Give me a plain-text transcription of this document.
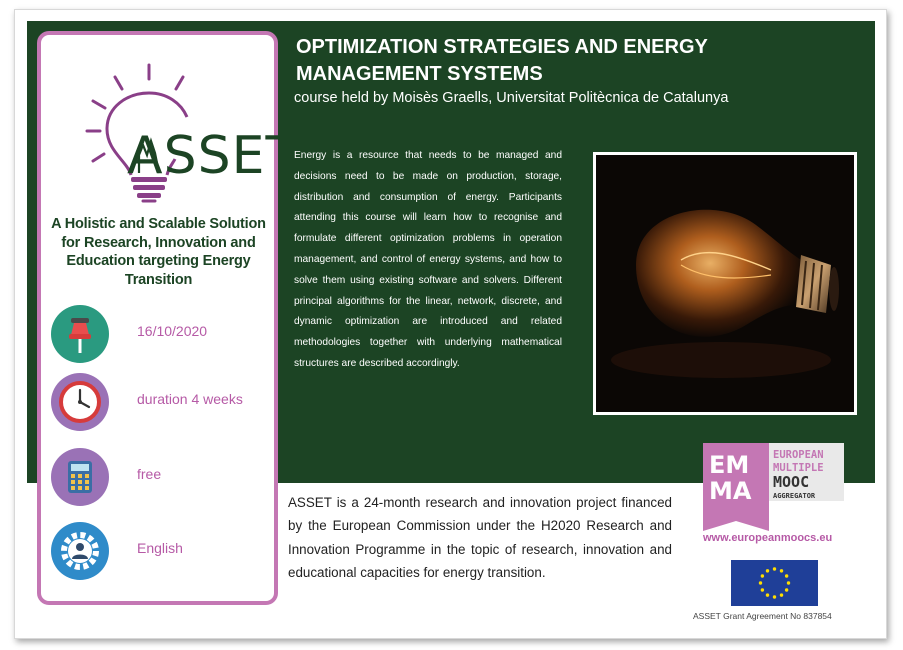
ASSET
A Holistic and Scalable Solution for Research, Innovation and Education targeting Energy Transition
16/10/2020
duration 4 weeks
free
English
OPTIMIZATION STRATEGIES AND ENERGY MANAGEMENT SYSTEMS
course held by Moisès Graells, Universitat Politècnica de Catalunya
Energy is a resource that needs to be managed and decisions need to be made on production, storage, distribution and consumption of energy. Participants attending this course will learn how to recognise and formulate different optimization problems in operation management, and control of energy systems, and how to solve them using existing software and solvers. Different principal algorithms for the linear, network, discrete, and dynamic optimization are introduced and related methodologies together with underlying mathematical structures are described accordingly.
ASSET is a 24-month research and innovation project financed by the European Commission under the H2020 Research and Innovation Programme in the topic of research, innovation and educational capacities for energy transition.
EM
MA
EUROPEAN
MULTIPLE
MOOC
AGGREGATOR
www.europeanmoocs.eu
ASSET Grant Agreement No 837854
